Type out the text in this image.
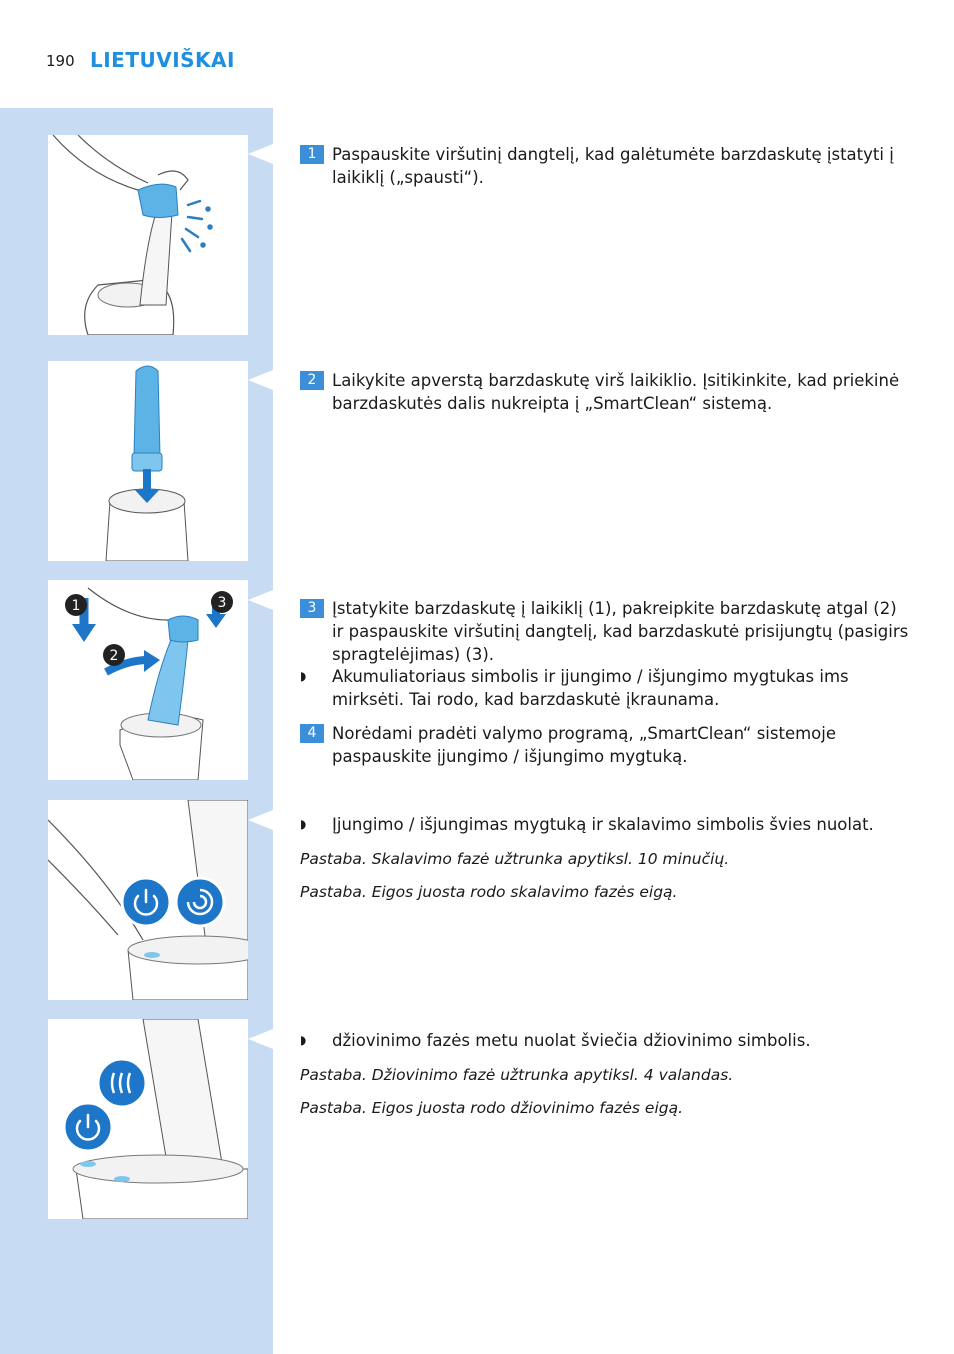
190 LIETUVIŠKAI
1
2
3
1 Paspauskite viršutinį dangtelį, kad galėtumėte barzdaskutę įstatyti į laikiklį („spausti“).
2 Laikykite apverstą barzdaskutę virš laikiklio. Įsitikinkite, kad priekinė barzdaskutės dalis nukreipta į „SmartClean“ sistemą.
3 Įstatykite barzdaskutę į laikiklį (1), pakreipkite barzdaskutę atgal (2) ir paspauskite viršutinį dangtelį, kad barzdaskutė prisijungtų (pasigirs spragtelėjimas) (3).
◗ Akumuliatoriaus simbolis ir įjungimo / išjungimo mygtukas ims mirksėti. Tai rodo, kad barzdaskutė įkraunama.
4 Norėdami pradėti valymo programą, „SmartClean“ sistemoje paspauskite įjungimo / išjungimo mygtuką.
◗ Įjungimo / išjungimas mygtuką ir skalavimo simbolis švies nuolat.
Pastaba. Skalavimo fazė užtrunka apytiksl. 10 minučių.
Pastaba. Eigos juosta rodo skalavimo fazės eigą.
◗ džiovinimo fazės metu nuolat šviečia džiovinimo simbolis.
Pastaba. Džiovinimo fazė užtrunka apytiksl. 4 valandas.
Pastaba. Eigos juosta rodo džiovinimo fazės eigą.
